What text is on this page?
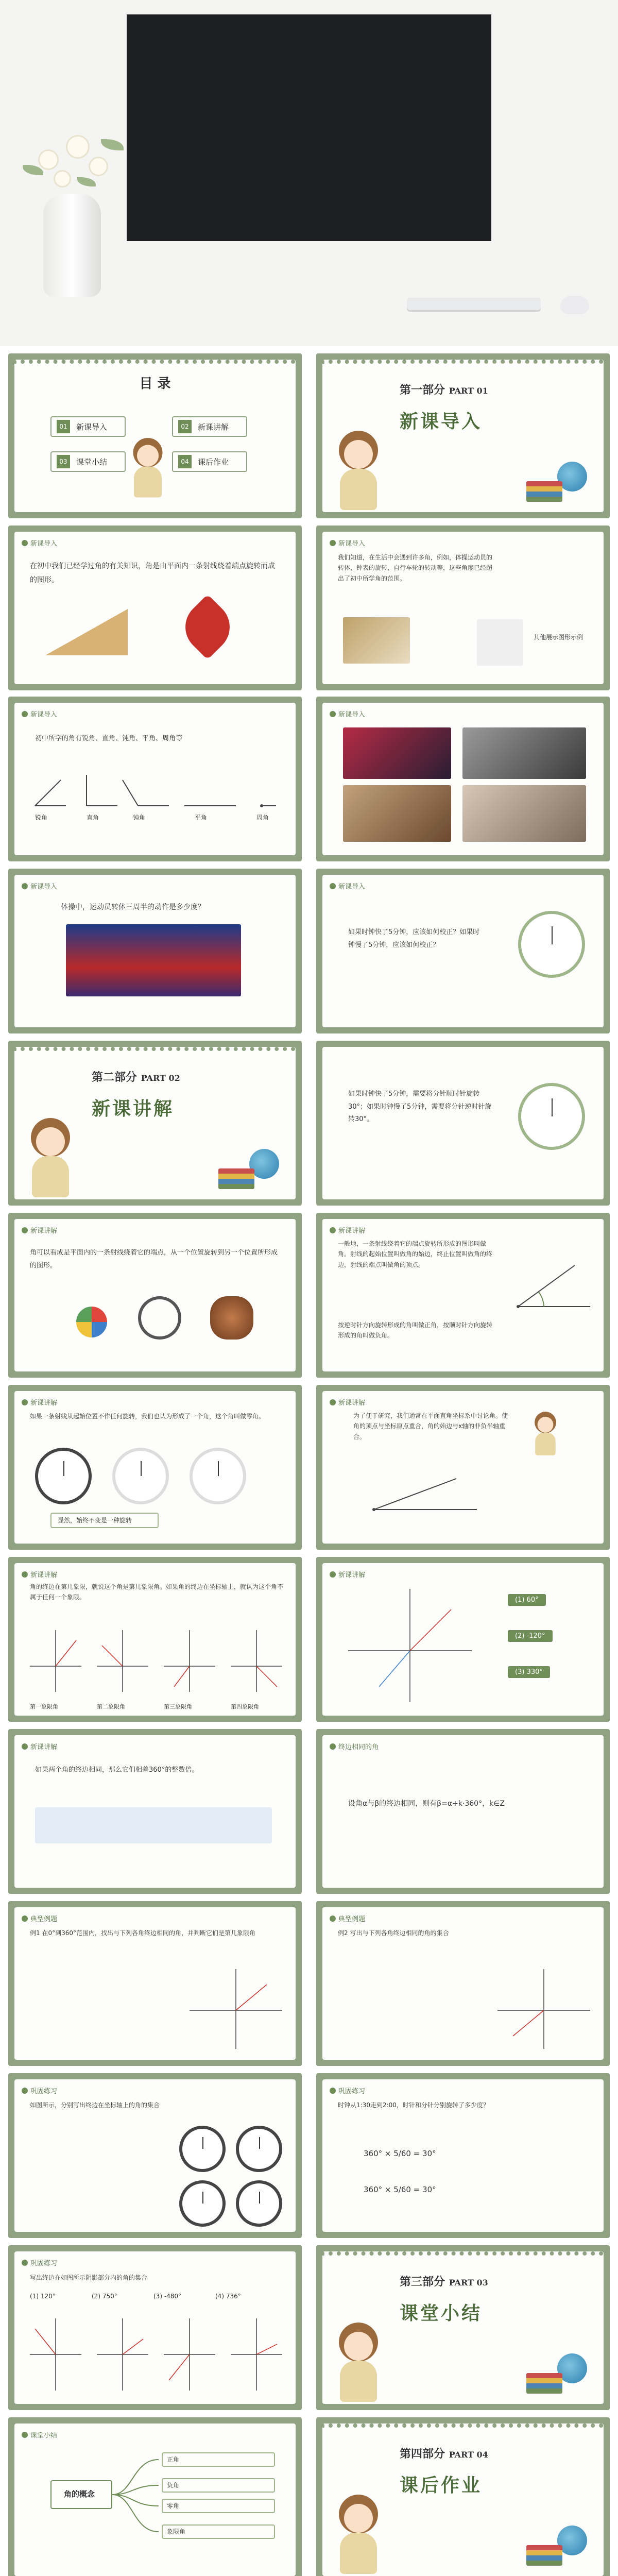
目 录
01	新课导入	02	新课讲解
03	课堂小结	04	课后作业
第一部分 PART 01
新课导入
新课导入
在初中我们已经学过角的有关知识，角是由平面内一条射线绕着端点旋转而成的图形。
新课导入
我们知道，在生活中会遇到许多角，例如，体操运动员的转体，钟表的旋转，自行车轮的转动等，这些角度已经超出了初中所学角的范围。
其他展示图形示例
新课导入
初中所学的角有锐角、直角、钝角、平角、周角等
锐角	直角	钝角	平角	周角
新课导入
新课导入
体操中，运动员转体三周半的动作是多少度？
新课导入
如果时钟快了5分钟，应该如何校正？如果时钟慢了5分钟，应该如何校正？
第二部分 PART 02
新课讲解
如果时钟快了5分钟，需要将分针顺时针旋转30°；如果时钟慢了5分钟，需要将分针逆时针旋转30°。
新课讲解
角可以看成是平面内的一条射线绕着它的端点，从一个位置旋转到另一个位置所形成的图形。
新课讲解
一般地，一条射线绕着它的端点旋转所形成的图形叫做角。射线的起始位置叫做角的始边，终止位置叫做角的终边，射线的端点叫做角的顶点。
按逆时针方向旋转形成的角叫做正角，按顺时针方向旋转形成的角叫做负角。
新课讲解
如果一条射线从起始位置不作任何旋转，我们也认为形成了一个角，这个角叫做零角。
显然，始终不变是一种旋转
新课讲解
为了便于研究，我们通常在平面直角坐标系中讨论角。使角的顶点与坐标原点重合，角的始边与x轴的非负半轴重合。
新课讲解
角的终边在第几象限，就说这个角是第几象限角。如果角的终边在坐标轴上，就认为这个角不属于任何一个象限。
第一象限角	第二象限角	第三象限角	第四象限角
新课讲解
(1) 60°
(2) -120°
(3) 330°
新课讲解
如果两个角的终边相同，那么它们相差360°的整数倍。
终边相同的角
设角α与β的终边相同，则有β=α+k·360°，k∈Z
典型例题
例1 在0°到360°范围内，找出与下列各角终边相同的角，并判断它们是第几象限角
典型例题
例2 写出与下列各角终边相同的角的集合
巩固练习
如图所示，分别写出终边在坐标轴上的角的集合
巩固练习
时钟从1:30走到2:00，时针和分针分别旋转了多少度？
360° × 5/60 = 30°
360° × 5/60 = 30°
巩固练习
写出终边在如图所示阴影部分内的角的集合
(1) 120°	(2) 750°	(3) -480°	(4) 736°
第三部分 PART 03
课堂小结
课堂小结
角的概念
正角
负角
零角
象限角
第四部分 PART 04
课后作业
